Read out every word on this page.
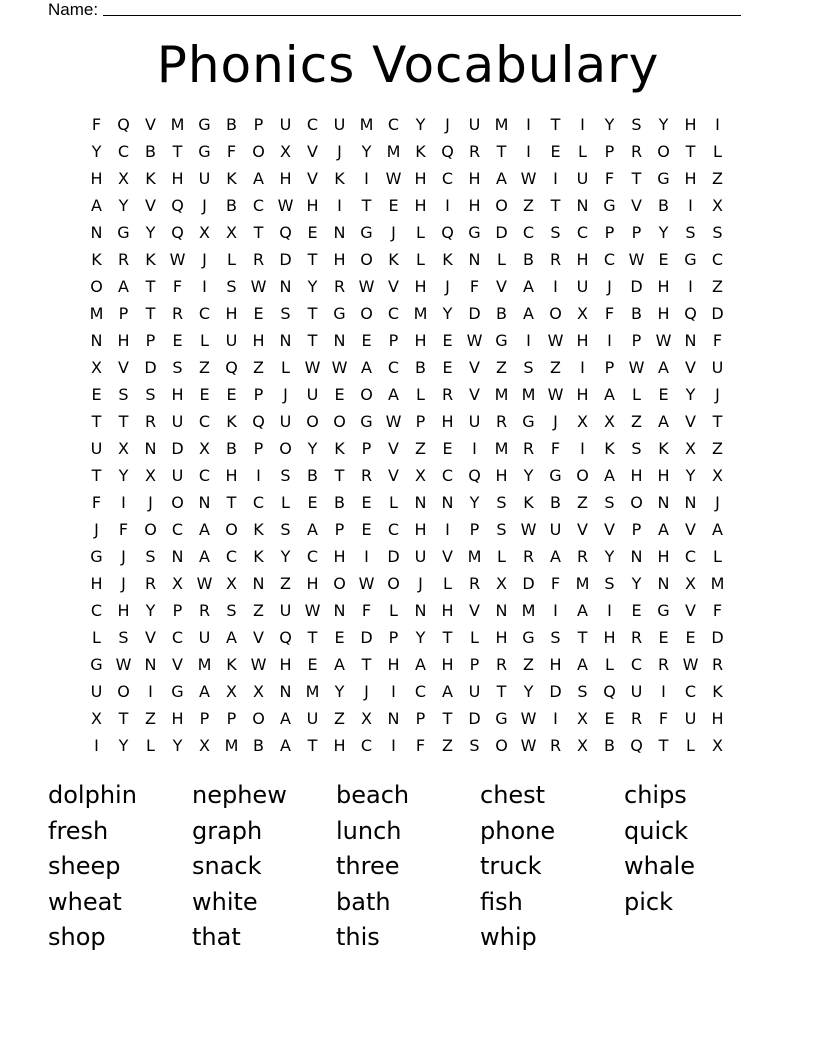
Name:
Phonics Vocabulary
F	Q V M G B	P	U C U M C	Y	J	U M	I	T	I	Y	S	Y	H	I
Y	C B	T G	F	O X	V	J	Y M K Q R	T	I	E	L	P	R O T	L
H X	K H U K	A H V	K	I	W H C H A W	I	U	F	T G H Z
A	Y	V Q	J	B C W H	I	T	E H	I	H O Z	T	N G V	B	I	X
N G Y Q X	X	T Q E N G	J	L	Q G D C	S	C	P	P	Y	S	S
K	R	K W	J	L	R D T	H O K	L	K N	L	B R H C W E G C
O A	T	F	I	S W N	Y	R W V H	J	F	V	A	I	U	J	D H	I	Z
M P	T	R C H E	S	T G O C M Y D B	A O X	F	B H Q D
N H	P	E	L	U H N	T	N E	P	H E W G	I	W H	I	P W N	F
X	V D S	Z Q Z	L W W A C B	E	V	Z	S	Z	I	P W A	V U
E	S	S H E	E	P	J	U	E O A	L	R V M M W H A	L	E	Y	J
T	T	R U C	K Q U O O G W P	H U R G	J	X	X	Z	A	V	T
U X N D X	B	P O Y	K	P	V	Z	E	I	M R	F	I	K	S	K	X	Z
T	Y	X U C H	I	S	B	T	R V	X C Q H	Y G O A H H	Y	X
F	I	J	O N	T	C	L	E	B	E	L	N N	Y	S	K	B	Z	S O N N	J
J	F	O C A O K	S	A	P	E	C H	I	P	S W U V	V	P	A	V	A
G	J	S N A C	K	Y	C H	I	D U V M L	R A R	Y	N H C	L
H	J	R X W X N Z H O W O	J	L	R X D	F M S	Y	N X M
C H	Y	P	R	S	Z U W N	F	L	N H V N M	I	A	I	E G V	F
L	S	V C U A	V Q T	E D	P	Y	T	L	H G S	T	H R	E	E D
G W N V M K W H E	A	T	H A H	P	R Z H A	L	C R W R
U O	I	G A	X	X N M Y	J	I	C A U	T	Y D S Q U	I	C	K
X	T	Z H	P	P O A U Z	X N	P	T D G W	I	X	E	R	F	U H
I	Y	L	Y	X M B	A	T	H C	I	F	Z	S O W R X	B Q T	L	X
dolphin	nephew	beach	chest	chips
fresh	graph	lunch	phone	quick
sheep	snack	three	truck	whale
wheat	white	bath	fish	pick
shop	that	this	whip
